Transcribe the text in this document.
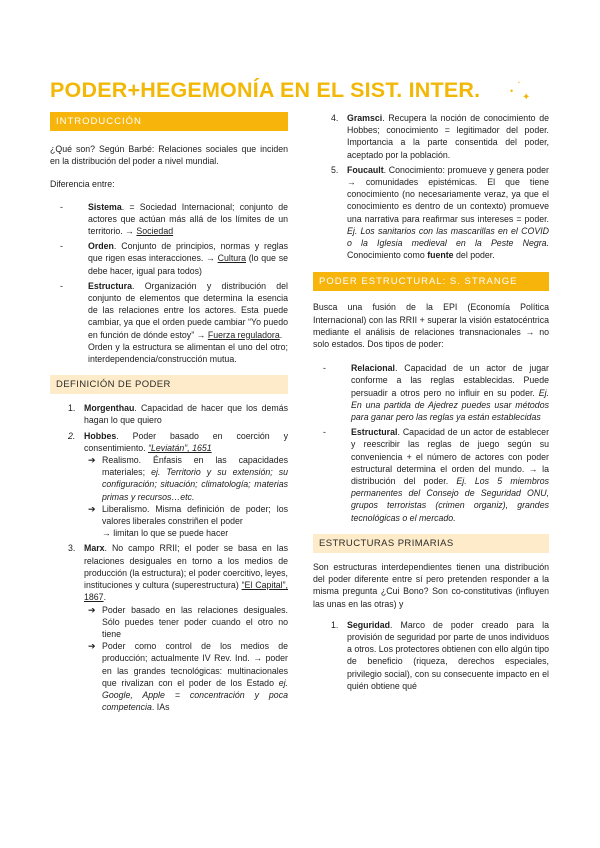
PODER+HEGEMONÍA EN EL SIST. INTER.	•
✦
•
INTRODUCCIÓN

¿Qué son? Según Barbé: Relaciones sociales que inciden en la distribución del poder a nivel mundial.

Diferencia entre:

- Sistema. = Sociedad Internacional; conjunto de actores que actúan más allá de los límites de un territorio. → Sociedad
- Orden. Conjunto de principios, normas y reglas que rigen esas interacciones. → Cultura (lo que se debe hacer, igual para todos)
- Estructura. Organización y distribución del conjunto de elementos que determina la esencia de las relaciones entre los actores. Esta puede cambiar, ya que el orden puede cambiar “Yo puedo en función de dónde estoy” → Fuerza reguladora.

Orden y la estructura se alimentan el uno del otro; interdependencia/construcción mutua.

DEFINICIÓN DE PODER
1. Morgenthau. Capacidad de hacer que los demás hagan lo que quiero
2. Hobbes. Poder basado en coerción y consentimiento. “Leviatán”, 1651
➔ Realismo. Énfasis en las capacidades materiales; ej. Territorio y su extensión; su configuración; situación; climatología; materias primas y recursos…etc.
➔ Liberalismo. Misma definición de poder; los valores liberales constriñen el poder
→ limitan lo que se puede hacer
3. Marx. No campo RRII; el poder se basa en las relaciones desiguales en torno a los medios de producción (la estructura); el poder coercitivo, leyes, instituciones y cultura (superestructura) “El Capital”, 1867.
➔ Poder basado en las relaciones desiguales. Sólo puedes tener poder cuando el otro no tiene
➔ Poder como control de los medios de producción; actualmente IV Rev. Ind. → poder en las grandes tecnológicas: multinacionales que rivalizan con el poder de los Estado ej. Google, Apple = concentración y poca competencia. IAs
4. Gramsci. Recupera la noción de conocimiento de Hobbes; conocimiento = legitimador del poder. Importancia a la parte consentida del poder, aceptado por la población.
5. Foucault. Conocimiento: promueve y genera poder → comunidades epistémicas. El que tiene conocimiento (no necesariamente veraz, ya que el conocimiento es dentro de un contexto) promueve una narrativa para reafirmar sus intereses = poder. Ej. Los sanitarios con las mascarillas en el COVID o la Iglesia medieval en la Peste Negra. Conocimiento como fuente del poder.
PODER ESTRUCTURAL: S. STRANGE

Busca una fusión de la EPI (Economía Política Internacional) con las RRII + superar la visión estatocéntrica mediante el análisis de relaciones transnacionales → no solo estados. Dos tipos de poder:

- Relacional. Capacidad de un actor de jugar conforme a las reglas establecidas. Puede persuadir a otros pero no influir en su poder. Ej. En una partida de Ajedrez puedes usar métodos para ganar pero las reglas ya están establecidas
- Estructural. Capacidad de un actor de establecer y reescribir las reglas de juego según su conveniencia + el número de actores con poder estructural determina el orden del mundo. → la distribución del poder. Ej. Los 5 miembros permanentes del Consejo de Seguridad ONU, grupos terroristas (crimen organiz), grandes tecnológicas o el mercado.
ESTRUCTURAS PRIMARIAS

Son estructuras interdependientes tienen una distribución del poder diferente entre sí pero pretenden responder a la misma pregunta ¿Cui Bono? Son co-constitutivas (influyen las unas en las otras) y

1. Seguridad. Marco de poder creado para la provisión de seguridad por parte de unos individuos a otros. Los protectores obtienen con ello algún tipo de beneficio (riqueza, derechos especiales, privilegio social), con su consecuente impacto en el quién obtiene qué
